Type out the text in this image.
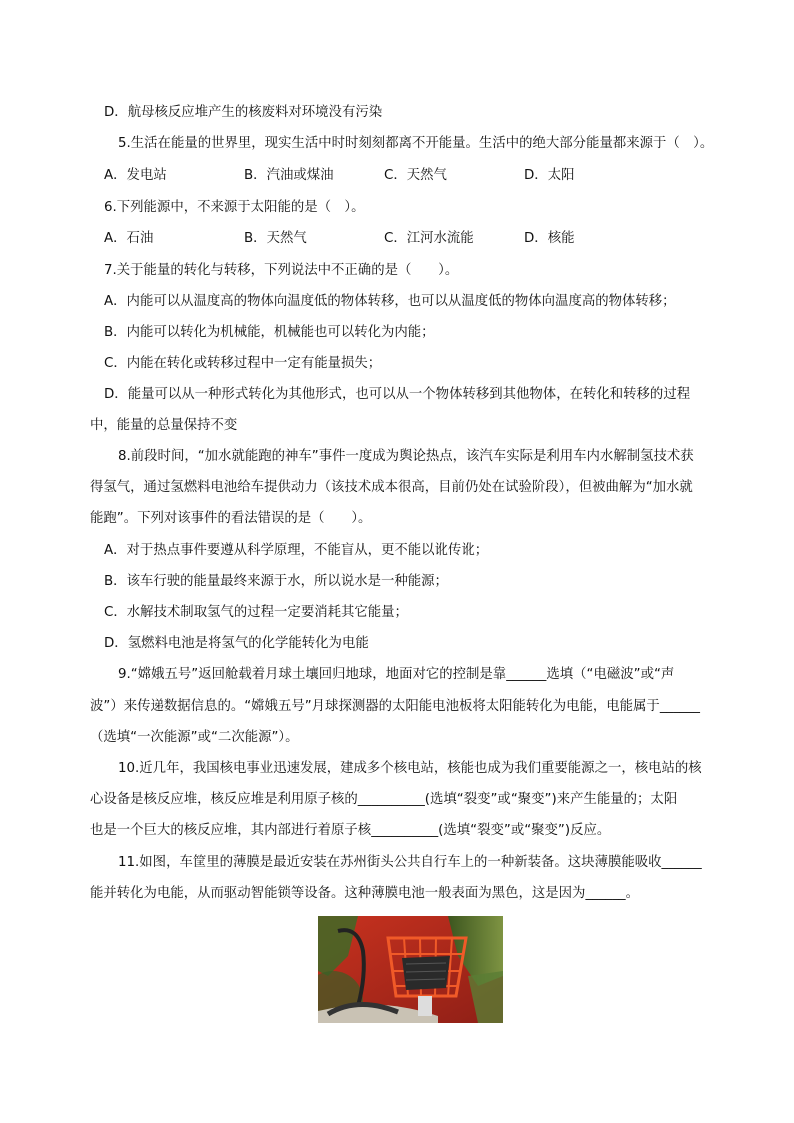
D．航母核反应堆产生的核废料对环境没有污染
5.生活在能量的世界里，现实生活中时时刻刻都离不开能量。生活中的绝大部分能量都来源于（　）。
A．发电站	B．汽油或煤油	C．天然气	D．太阳
6.下列能源中，不来源于太阳能的是（　）。
A．石油	B．天然气	C．江河水流能	D．核能
7.关于能量的转化与转移，下列说法中不正确的是（　　）。
A．内能可以从温度高的物体向温度低的物体转移，也可以从温度低的物体向温度高的物体转移；
B．内能可以转化为机械能，机械能也可以转化为内能；
C．内能在转化或转移过程中一定有能量损失；
D．能量可以从一种形式转化为其他形式，也可以从一个物体转移到其他物体，在转化和转移的过程
中，能量的总量保持不变
8.前段时间，“加水就能跑的神车”事件一度成为舆论热点，该汽车实际是利用车内水解制氢技术获
得氢气，通过氢燃料电池给车提供动力（该技术成本很高，目前仍处在试验阶段），但被曲解为“加水就
能跑”。下列对该事件的看法错误的是（　　）。
A．对于热点事件要遵从科学原理，不能盲从，更不能以讹传讹；
B．该车行驶的能量最终来源于水，所以说水是一种能源；
C．水解技术制取氢气的过程一定要消耗其它能量；
D．氢燃料电池是将氢气的化学能转化为电能
9.“嫦娥五号”返回舱载着月球土壤回归地球，地面对它的控制是靠______选填（“电磁波”或“声
波”）来传递数据信息的。“嫦娥五号”月球探测器的太阳能电池板将太阳能转化为电能，电能属于______
（选填“一次能源”或“二次能源”）。
10.近几年，我国核电事业迅速发展，建成多个核电站，核能也成为我们重要能源之一，核电站的核
心设备是核反应堆，核反应堆是利用原子核的__________(选填“裂变”或“聚变”)来产生能量的；太阳
也是一个巨大的核反应堆，其内部进行着原子核__________(选填“裂变”或“聚变”)反应。
11.如图，车筐里的薄膜是最近安装在苏州街头公共自行车上的一种新装备。这块薄膜能吸收______
能并转化为电能，从而驱动智能锁等设备。这种薄膜电池一般表面为黑色，这是因为______。
